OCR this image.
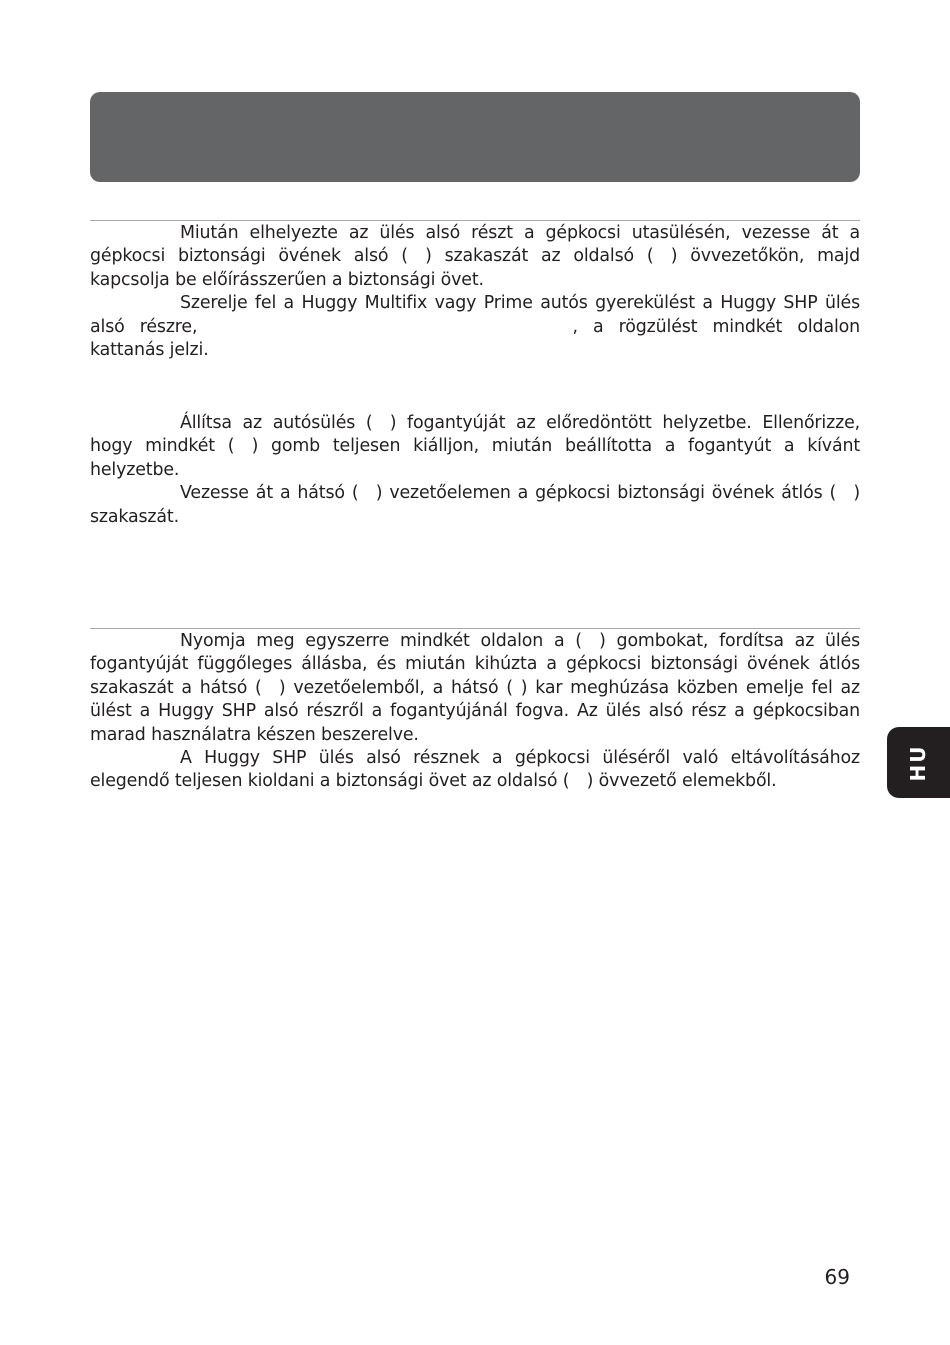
Miután elhelyezte az ülés alsó részt a gépkocsi utasülésén, vezesse át a gépkocsi biztonsági övének alsó ( ) szakaszát az oldalsó ( ) övvezetőkön, majd kapcsolja be előírásszerűen a biztonsági övet.

Szerelje fel a Huggy Multifix vagy Prime autós gyerekülést a Huggy SHP ülés alsó részre,                      , a rögzülést mindkét oldalon kattanás jelzi.

Állítsa az autósülés ( ) fogantyúját az előredöntött helyzetbe. Ellenőrizze, hogy mindkét ( ) gomb teljesen kiálljon, miután beállította a fogantyút a kívánt helyzetbe.

Vezesse át a hátsó ( ) vezetőelemen a gépkocsi biztonsági övének átlós ( ) szakaszát.

Nyomja meg egyszerre mindkét oldalon a ( ) gombokat, fordítsa az ülés fogantyúját függőleges állásba, és miután kihúzta a gépkocsi biztonsági övének átlós szakaszát a hátsó ( ) vezetőelemből, a hátsó ( ) kar meghúzása közben emelje fel az ülést a Huggy SHP alsó részről a fogantyújánál fogva. Az ülés alsó rész a gépkocsiban marad használatra készen beszerelve.

A Huggy SHP ülés alsó résznek a gépkocsi üléséről való eltávolításához elegendő teljesen kioldani a biztonsági övet az oldalsó ( ) övvezető elemekből.	HU
69
